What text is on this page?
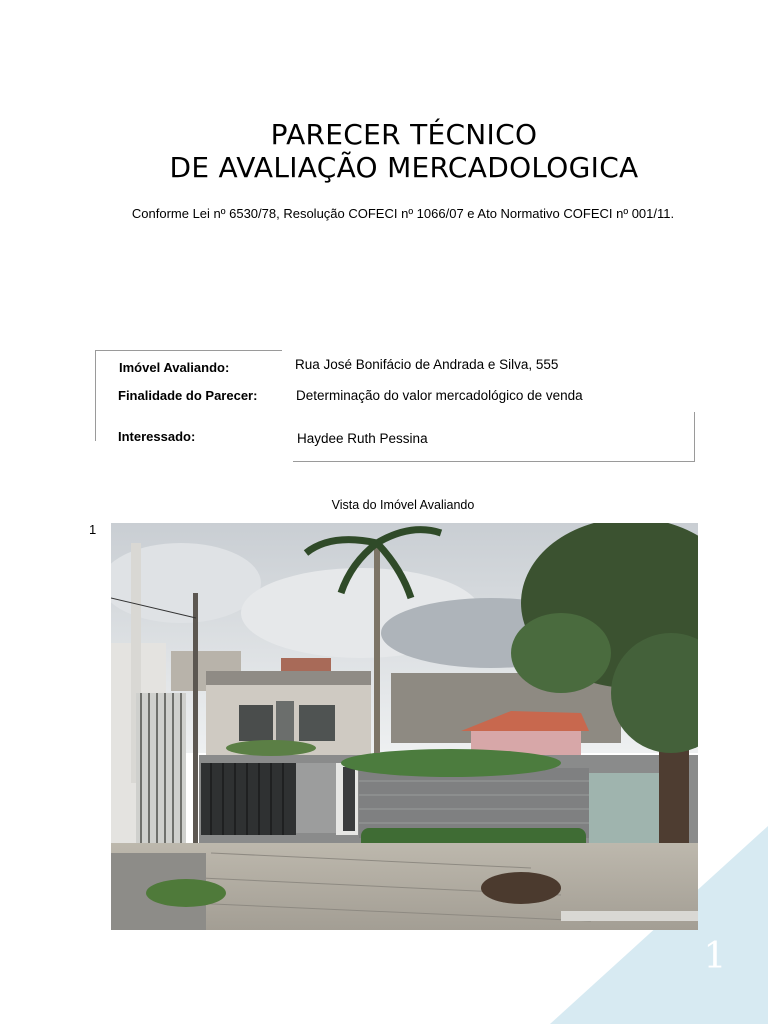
PARECER TÉCNICO
DE AVALIAÇÃO MERCADOLOGICA
Conforme Lei nº 6530/78, Resolução COFECI nº 1066/07 e Ato Normativo COFECI nº 001/11.
Imóvel Avaliando:	Rua José Bonifácio de Andrada e Silva, 555
Finalidade do Parecer:	Determinação do valor mercadológico de venda
Interessado:	Haydee Ruth Pessina
Vista do Imóvel Avaliando
1
1
